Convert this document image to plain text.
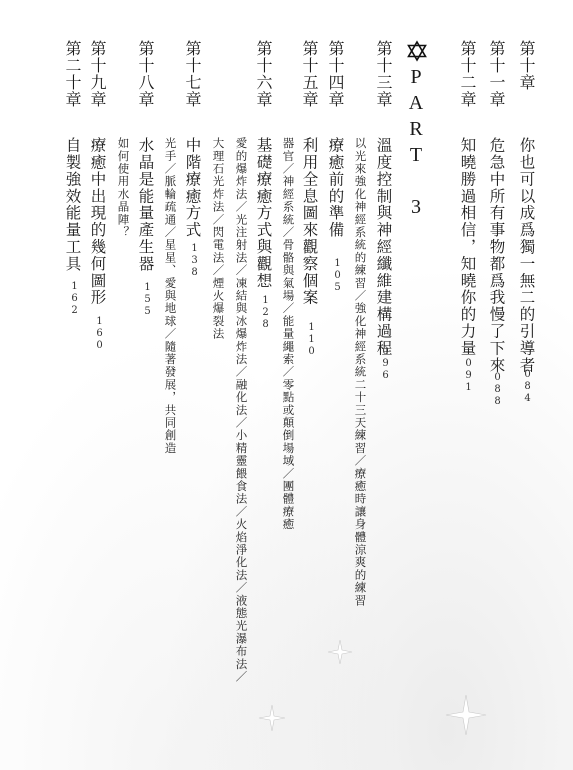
PART 3
第十章
你也可以成爲獨一無二的引導者
084
第十一章
危急中所有事物都爲我慢了下來
088
第十二章
知曉勝過相信，知曉你的力量
091
第十三章
溫度控制與神經纖維建構過程
096
以光來強化神經系統的練習／強化神經系統二十三天練習／療癒時讓身體涼爽的練習
第十四章
療癒前的準備
105
第十五章
利用全息圖來觀察個案
110
器官／神經系統／骨骼與氣場／能量繩索／零點或顛倒場域／團體療癒
第十六章
基礎療癒方式與觀想
128
愛的爆炸法／光注射法／凍結與冰爆炸法／融化法／小精靈餵食法／火焰淨化法／液態光瀑布法／
大理石光炸法／閃電法／煙火爆裂法
第十七章
中階療癒方式
138
光手／脈輪疏通／星星、愛與地球／隨著發展，共同創造
第十八章
水晶是能量產生器
155
如何使用水晶陣？
第十九章
療癒中出現的幾何圖形
160
第二十章
自製強效能量工具
162
